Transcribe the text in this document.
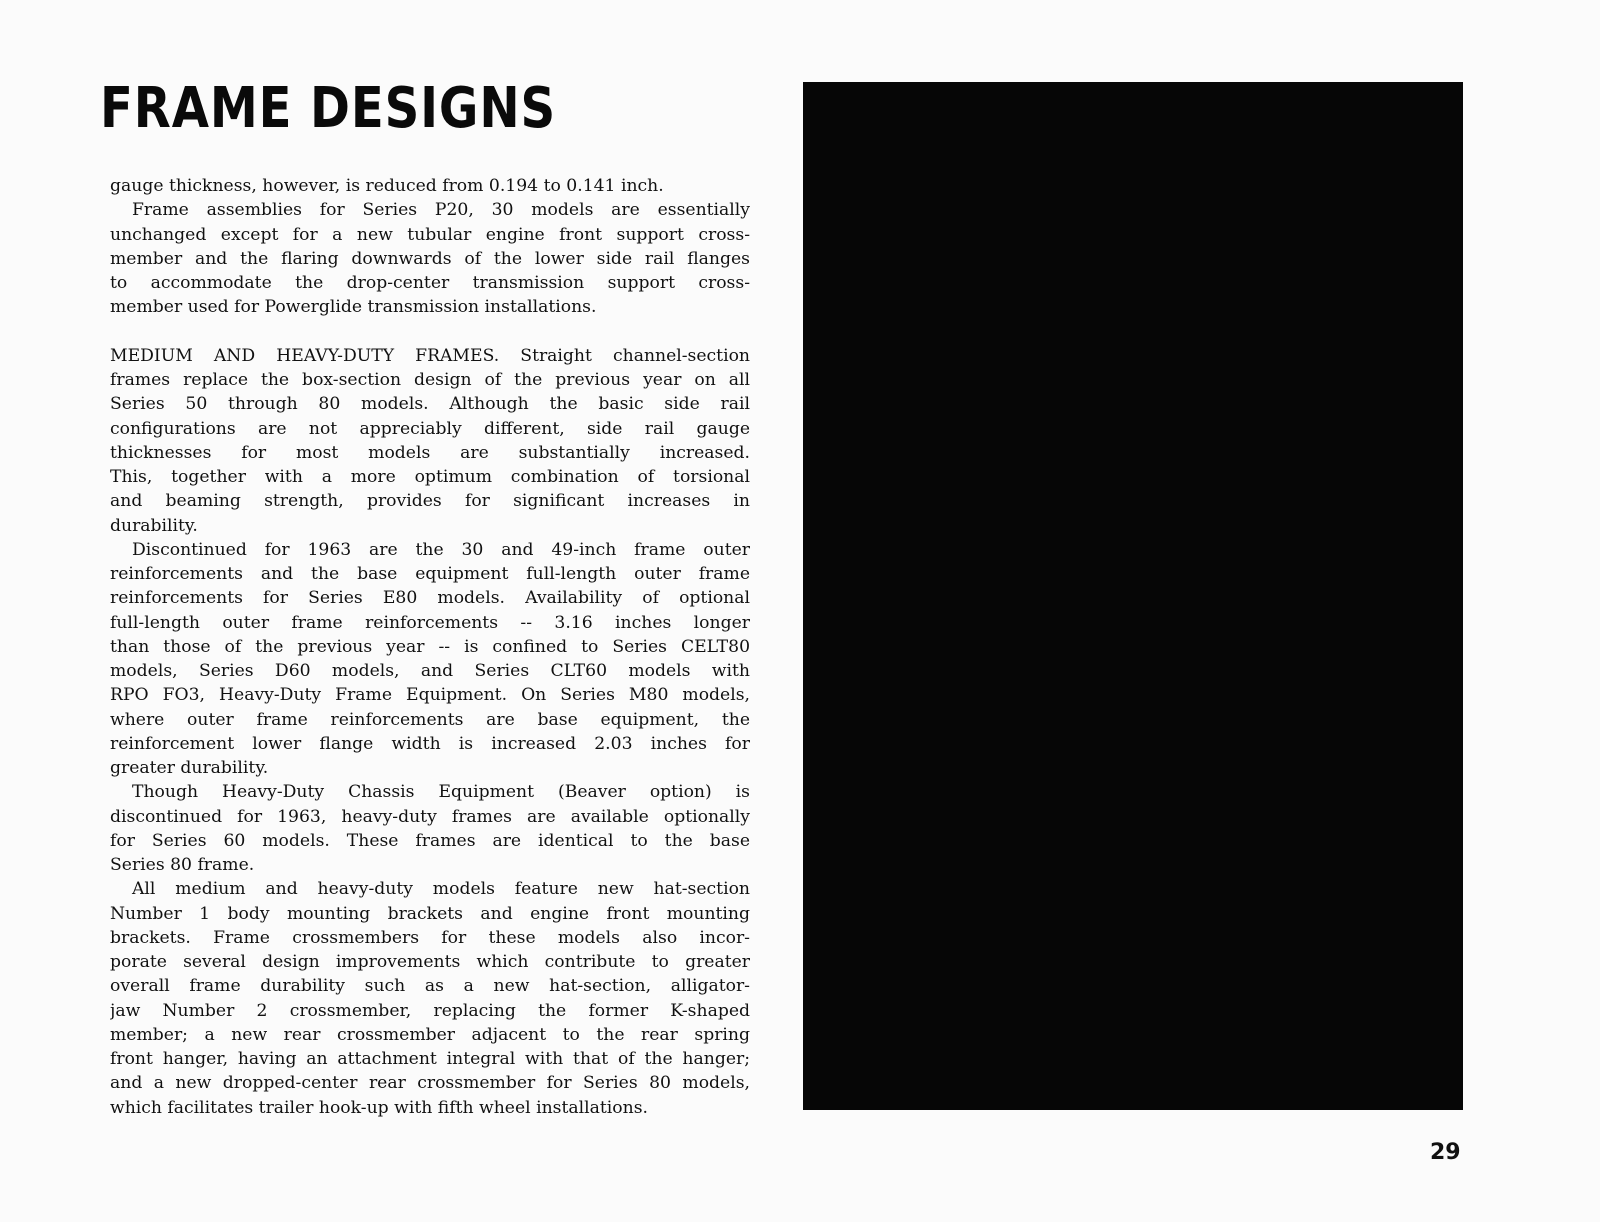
FRAME DESIGNS
gauge thickness, however, is reduced from 0.194 to 0.141 inch.
Frame assemblies for Series P20, 30 models are essentially
unchanged except for a new tubular engine front support cross-
member and the flaring downwards of the lower side rail flanges
to accommodate the drop-center transmission support cross-
member used for Powerglide transmission installations.
MEDIUM AND HEAVY-DUTY FRAMES. Straight channel-section
frames replace the box-section design of the previous year on all
Series 50 through 80 models. Although the basic side rail
configurations are not appreciably different, side rail gauge
thicknesses for most models are substantially increased.
This, together with a more optimum combination of torsional
and beaming strength, provides for significant increases in
durability.
Discontinued for 1963 are the 30 and 49-inch frame outer
reinforcements and the base equipment full-length outer frame
reinforcements for Series E80 models. Availability of optional
full-length outer frame reinforcements -- 3.16 inches longer
than those of the previous year -- is confined to Series CELT80
models, Series D60 models, and Series CLT60 models with
RPO FO3, Heavy-Duty Frame Equipment. On Series M80 models,
where outer frame reinforcements are base equipment, the
reinforcement lower flange width is increased 2.03 inches for
greater durability.
Though Heavy-Duty Chassis Equipment (Beaver option) is
discontinued for 1963, heavy-duty frames are available optionally
for Series 60 models. These frames are identical to the base
Series 80 frame.
All medium and heavy-duty models feature new hat-section
Number 1 body mounting brackets and engine front mounting
brackets. Frame crossmembers for these models also incor-
porate several design improvements which contribute to greater
overall frame durability such as a new hat-section, alligator-
jaw Number 2 crossmember, replacing the former K-shaped
member; a new rear crossmember adjacent to the rear spring
front hanger, having an attachment integral with that of the hanger;
and a new dropped-center rear crossmember for Series 80 models,
which facilitates trailer hook-up with fifth wheel installations.
29
